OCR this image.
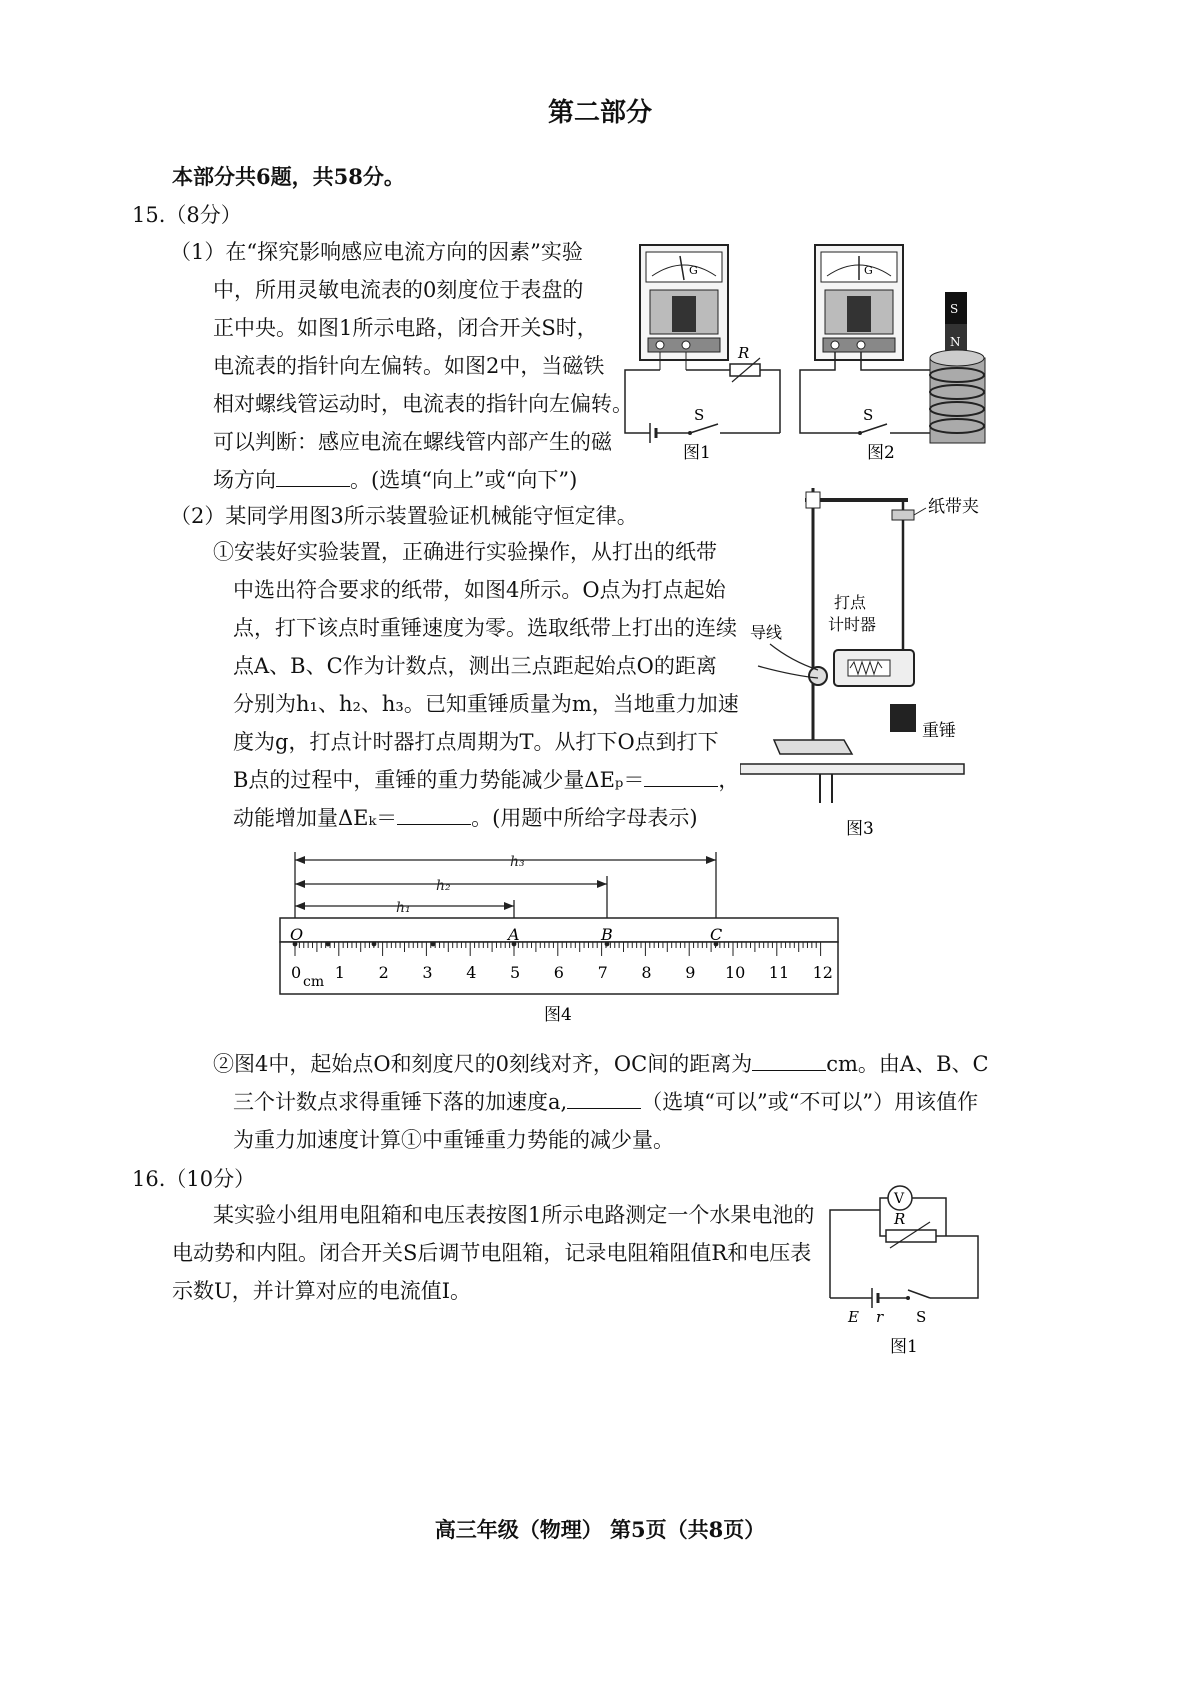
第二部分
本部分共6题，共58分。
15.（8分）
（1）在“探究影响感应电流方向的因素”实验
中，所用灵敏电流表的0刻度位于表盘的
正中央。如图1所示电路，闭合开关S时，
电流表的指针向左偏转。如图2中，当磁铁
相对螺线管运动时，电流表的指针向左偏转。
可以判断：感应电流在螺线管内部产生的磁
场方向	。(选填“向上”或“向下”)
（2）某同学用图3所示装置验证机械能守恒定律。
①安装好实验装置，正确进行实验操作，从打出的纸带
中选出符合要求的纸带，如图4所示。O点为打点起始
点，打下该点时重锤速度为零。选取纸带上打出的连续
点A、B、C作为计数点，测出三点距起始点O的距离
分别为h₁、h₂、h₃。已知重锤质量为m，当地重力加速
度为g，打点计时器打点周期为T。从打下O点到打下
B点的过程中，重锤的重力势能减少量ΔEₚ＝	，
动能增加量ΔEₖ＝	。(用题中所给字母表示)
②图4中，起始点O和刻度尺的0刻线对齐，OC间的距离为	cm。由A、B、C
三个计数点求得重锤下落的加速度a,	（选填“可以”或“不可以”）用该值作
为重力加速度计算①中重锤重力势能的减少量。
16.（10分）
某实验小组用电阻箱和电压表按图1所示电路测定一个水果电池的
电动势和内阻。闭合开关S后调节电阻箱，记录电阻箱阻值R和电压表
示数U，并计算对应的电流值I。
G
S
R
图1
G
S
S
N
图2
纸带夹
打点
计时器
导线
重锤
图3
h₃
h₂
h₁
0 1 2 3 4 5 6 7 8 9 10 11 12
O	A	B	C
cm
图4
V
R
E r S
图1
高三年级（物理） 第5页（共8页）
